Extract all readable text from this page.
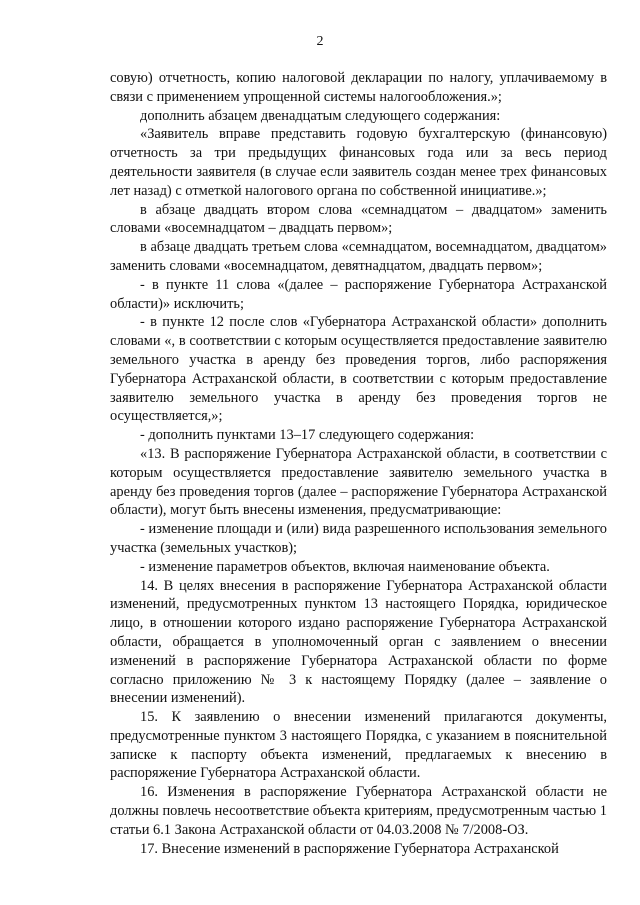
2

совую) отчетность, копию налоговой декларации по налогу, уплачиваемому в связи с применением упрощенной системы налогообложения.»;

дополнить абзацем двенадцатым следующего содержания:

«Заявитель вправе представить годовую бухгалтерскую (финансовую) отчетность за три предыдущих финансовых года или за весь период деятельности заявителя (в случае если заявитель создан менее трех финансовых лет назад) с отметкой налогового органа по собственной инициативе.»;

в абзаце двадцать втором слова «семнадцатом – двадцатом» заменить словами «восемнадцатом – двадцать первом»;

в абзаце двадцать третьем слова «семнадцатом, восемнадцатом, двадцатом» заменить словами «восемнадцатом, девятнадцатом, двадцать первом»;

- в пункте 11 слова «(далее – распоряжение Губернатора Астраханской области)» исключить;

- в пункте 12 после слов «Губернатора Астраханской области» дополнить словами «, в соответствии с которым осуществляется предоставление заявителю земельного участка в аренду без проведения торгов, либо распоряжения Губернатора Астраханской области, в соответствии с которым предоставление заявителю земельного участка в аренду без проведения торгов не осуществляется,»;

- дополнить пунктами 13–17 следующего содержания:

«13. В распоряжение Губернатора Астраханской области, в соответствии с которым осуществляется предоставление заявителю земельного участка в аренду без проведения торгов (далее – распоряжение Губернатора Астраханской области), могут быть внесены изменения, предусматривающие:

- изменение площади и (или) вида разрешенного использования земельного участка (земельных участков);

- изменение параметров объектов, включая наименование объекта.

14. В целях внесения в распоряжение Губернатора Астраханской области изменений, предусмотренных пунктом 13 настоящего Порядка, юридическое лицо, в отношении которого издано распоряжение Губернатора Астраханской области, обращается в уполномоченный орган с заявлением о внесении изменений в распоряжение Губернатора Астраханской области по форме согласно приложению № 3 к настоящему Порядку (далее – заявление о внесении изменений).

15. К заявлению о внесении изменений прилагаются документы, предусмотренные пунктом 3 настоящего Порядка, с указанием в пояснительной записке к паспорту объекта изменений, предлагаемых к внесению в распоряжение Губернатора Астраханской области.

16. Изменения в распоряжение Губернатора Астраханской области не должны повлечь несоответствие объекта критериям, предусмотренным частью 1 статьи 6.1 Закона Астраханской области от 04.03.2008 № 7/2008-ОЗ.

17. Внесение изменений в распоряжение Губернатора Астраханской
